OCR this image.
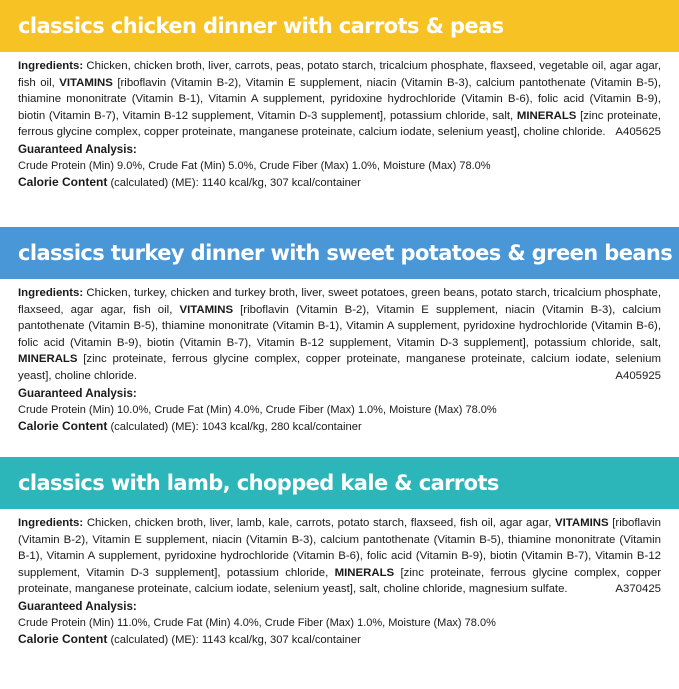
classics chicken dinner with carrots & peas

Ingredients: Chicken, chicken broth, liver, carrots, peas, potato starch, tricalcium phosphate, flaxseed, vegetable oil, agar agar, fish oil, VITAMINS [riboflavin (Vitamin B-2), Vitamin E supplement, niacin (Vitamin B-3), calcium pantothenate (Vitamin B-5), thiamine mononitrate (Vitamin B-1), Vitamin A supplement, pyridoxine hydrochloride (Vitamin B-6), folic acid (Vitamin B-9), biotin (Vitamin B-7), Vitamin B-12 supplement, Vitamin D-3 supplement], potassium chloride, salt, MINERALS [zinc proteinate, ferrous glycine complex, copper proteinate, manganese proteinate, calcium iodate, selenium yeast], choline chloride. A405625

Guaranteed Analysis:
Crude Protein (Min) 9.0%, Crude Fat (Min) 5.0%, Crude Fiber (Max) 1.0%, Moisture (Max) 78.0%
Calorie Content (calculated) (ME): 1140 kcal/kg, 307 kcal/container
classics turkey dinner with sweet potatoes & green beans

Ingredients: Chicken, turkey, chicken and turkey broth, liver, sweet potatoes, green beans, potato starch, tricalcium phosphate, flaxseed, agar agar, fish oil, VITAMINS [riboflavin (Vitamin B-2), Vitamin E supplement, niacin (Vitamin B-3), calcium pantothenate (Vitamin B-5), thiamine mononitrate (Vitamin B-1), Vitamin A supplement, pyridoxine hydrochloride (Vitamin B-6), folic acid (Vitamin B-9), biotin (Vitamin B-7), Vitamin B-12 supplement, Vitamin D-3 supplement], potassium chloride, salt, MINERALS [zinc proteinate, ferrous glycine complex, copper proteinate, manganese proteinate, calcium iodate, selenium yeast], choline chloride.	A405925

Guaranteed Analysis:
Crude Protein (Min) 10.0%, Crude Fat (Min) 4.0%, Crude Fiber (Max) 1.0%, Moisture (Max) 78.0%
Calorie Content (calculated) (ME): 1043 kcal/kg, 280 kcal/container
classics with lamb, chopped kale & carrots

Ingredients: Chicken, chicken broth, liver, lamb, kale, carrots, potato starch, flaxseed, fish oil, agar agar, VITAMINS [riboflavin (Vitamin B-2), Vitamin E supplement, niacin (Vitamin B-3), calcium pantothenate (Vitamin B-5), thiamine mononitrate (Vitamin B-1), Vitamin A supplement, pyridoxine hydrochloride (Vitamin B-6), folic acid (Vitamin B-9), biotin (Vitamin B-7), Vitamin B-12 supplement, Vitamin D-3 supplement], potassium chloride, MINERALS [zinc proteinate, ferrous glycine complex, copper proteinate, manganese proteinate, calcium iodate, selenium yeast], salt, choline chloride, magnesium sulfate.	A370425

Guaranteed Analysis:
Crude Protein (Min) 11.0%, Crude Fat (Min) 4.0%, Crude Fiber (Max) 1.0%, Moisture (Max) 78.0%
Calorie Content (calculated) (ME): 1143 kcal/kg, 307 kcal/container
